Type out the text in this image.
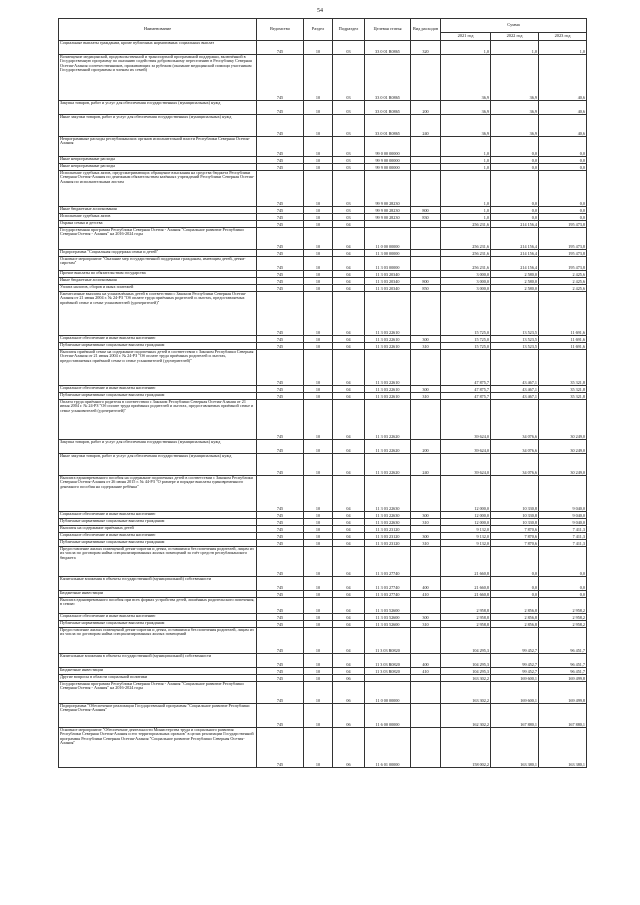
54
Наименование	Ведомство	Раздел	Подраздел	Целевая статья	Вид расходов	Сумма		
						2021 год	2022 год	2023 год
Социальные выплаты гражданам, кроме публичных нормативных социальных выплат	745	10	03	33 0 01 R0865	320	1,0	1,0	1,0
Возмещение медицинской, продовольственной и транспортной программной поддержки, включённой в Государственную программу по оказанию содействия добровольному переселению в Республику Северная Осетия-Алания соотечественников, проживающих за рубежом (оказание медицинской помощи участникам Государственной программы и членам их семей)	745	10	03	33 0 01 R0865		36,9	36,9	40,6
Закупка товаров, работ и услуг для обеспечения государственных (муниципальных) нужд	745	10	03	33 0 01 R0865	200	36,9	36,9	40,6
Иные закупки товаров, работ и услуг для обеспечения государственных (муниципальных) нужд	745	10	03	33 0 01 R0865	240	36,9	36,9	40,6
Непрограммные расходы республиканских органов исполнительной власти Республики Северная Осетия-Алания	745	10	03	99 0 00 00000		1,0	0,0	0,0
Иные непрограммные расходы	745	10	03	99 9 00 00000		1,0	0,0	0,0
Иные непрограммные расходы	745	10	03	99 9 00 00000		1,0	0,0	0,0
Исполнение судебных актов, предусматривающих обращение взыскания на средства бюджета Республики Северная Осетия-Алания по денежным обязательствам казённых учреждений Республики Северная Осетия-Алания по исполнительным листам	745	10	03	99 9 00 28230		1,0	0,0	0,0
Иные бюджетные ассигнования	745	10	03	99 9 00 28230	800	1,0	0,0	0,0
Исполнение судебных актов	745	10	03	99 9 00 28230	830	1,0	0,0	0,0
Охрана семьи и детства	745	10	04			256 231,6	214 156,4	195 473,8
Государственная программа Республики Северная Осетия - Алания "Социальное развитие Республики Северная Осетия - Алания" на 2016-2024 годы	745	10	04	11 0 00 00000		256 231,6	214 156,4	195 473,8
Подпрограмма "Социальная поддержка семьи и детей"	745	10	04	11 3 00 00000		256 231,6	214 156,4	195 473,8
Основное мероприятие "Оказание мер государственной поддержки гражданам, имеющим детей, детям-сиротам"	745	10	04	11 3 03 00000		256 231,6	214 156,4	195 473,8
Прочие выплаты по обязательствам государства	745	10	04	11 3 03 20340		3 000,0	2 580,0	2 425,6
Иные бюджетные ассигнования	745	10	04	11 3 03 20340	800	3 000,0	2 580,0	2 425,6
Уплата налогов, сборов и иных платежей	745	10	04	11 3 03 20340	850	3 000,0	2 580,0	2 425,6
Ежемесячные выплаты на усыновлённых детей в соответствии с Законом Республики Северная Осетия-Алания от 21 июня 2004 г. № 24-РЗ "Об оплате труда приёмных родителей и льготах, предоставляемых приёмной семье и семье усыновителей (удочерителей)"	745	10	04	11 3 03 22610		15 725,0	13 523,5	11 691,6
Социальное обеспечение и иные выплаты населению	745	10	04	11 3 03 22610	300	15 725,0	13 523,5	11 691,6
Публичные нормативные социальные выплаты гражданам	745	10	04	11 3 03 22610	310	15 725,0	13 523,5	11 691,6
Выплаты приёмной семье на содержание подопечных детей в соответствии с Законом Республики Северная Осетия-Алания от 21 июня 2004 г. № 24-РЗ "Об оплате труда приёмных родителей и льготах, предоставляемых приёмной семье и семье усыновителей (удочерителей)"	745	10	04	11 3 03 22610		47 875,7	43 467,1	35 321,8
Социальное обеспечение и иные выплаты населению	745	10	04	11 3 03 22610	300	47 875,7	43 467,1	35 321,8
Публичные нормативные социальные выплаты гражданам	745	10	04	11 3 03 22610	310	47 875,7	43 467,1	35 321,8
Оплата труда приёмного родителя в соответствии с Законом Республики Северная Осетия-Алания от 21 июня 2004 г. № 24-РЗ "Об оплате труда приёмных родителей и льготах, предоставляемых приёмной семье и семье усыновителей (удочерителей)"	745	10	04	11 3 03 22620		39 624,0	34 076,6	30 249,0
Закупка товаров, работ и услуг для обеспечения государственных (муниципальных) нужд	745	10	04	11 3 03 22620	200	39 624,0	34 076,6	30 249,0
Иные закупки товаров, работ и услуг для обеспечения государственных (муниципальных) нужд	745	10	04	11 3 03 22620	240	39 624,0	34 076,6	30 249,0
Выплата единовременного пособия на содержание подопечных детей в соответствии с Законом Республики Северная Осетия-Алания от 26 июня 2015 г. № 44-РЗ "О размере и порядке выплаты единовременного денежного пособия на содержание ребёнка"	745	10	04	11 3 03 22630		12 000,0	10 330,8	9 040,0
Социальное обеспечение и иные выплаты населению	745	10	04	11 3 03 22630	300	12 000,0	10 330,8	9 040,0
Публичные нормативные социальные выплаты гражданам	745	10	04	11 3 03 22630	310	12 000,0	10 330,8	9 040,0
Выплаты на содержание приёмных детей	745	10	04	11 3 03 23120		9 132,0	7 870,6	7 411,3
Социальное обеспечение и иные выплаты населению	745	10	04	11 3 03 23120	300	9 132,0	7 870,6	7 411,3
Публичные нормативные социальные выплаты гражданам	745	10	04	11 3 03 23120	310	9 132,0	7 870,6	7 411,3
Предоставление жилых помещений детям-сиротам и детям, оставшимся без попечения родителей, лицам из их числа по договорам найма специализированных жилых помещений за счёт средств республиканского бюджета	745	10	04	11 3 03 27740		21 660,8	0,0	0,0
Капитальные вложения в объекты государственной (муниципальной) собственности	745	10	04	11 3 03 27740	400	21 660,8	0,0	0,0
Бюджетные инвестиции	745	10	04	11 3 03 27740	410	21 660,8	0,0	0,0
Выплата единовременного пособия при всех формах устройства детей, лишённых родительского попечения, в семью	745	10	04	11 3 03 52600		2 958,8	2 856,8	2 958,2
Социальное обеспечение и иные выплаты населению	745	10	04	11 3 03 52600	300	2 958,8	2 856,8	2 958,2
Публичные нормативные социальные выплаты гражданам	745	10	04	11 3 03 52600	310	2 958,8	2 856,8	2 958,2
Предоставление жилых помещений детям-сиротам и детям, оставшимся без попечения родителей, лицам из их числа по договорам найма специализированных жилых помещений	745	10	04	11 3 03 R0820		104 295,3	99 452,7	96 451,7
Капитальные вложения в объекты государственной (муниципальной) собственности	745	10	04	11 3 03 R0820	400	104 295,3	99 452,7	96 451,7
Бюджетные инвестиции	745	10	04	11 3 03 R0820	410	104 295,3	99 452,7	96 451,7
Другие вопросы в области социальной политики	745	10	06			163 302,2	169 600,1	169 499,8
Государственная программа Республики Северная Осетия - Алания "Социальное развитие Республики Северная Осетия - Алания" на 2016-2024 годы	745	10	06	11 0 00 00000		163 302,2	169 600,1	169 499,8
Подпрограмма "Обеспечение реализации Государственной программы "Социальное развитие Республики Северная Осетия-Алания"	745	10	06	11 6 00 00000		162 302,2	167 880,1	167 880,1
Основное мероприятие "Обеспечение деятельности Министерства труда и социального развития Республики Северная Осетия-Алания и его территориальных органов" в целях реализации Государственной программы Республики Северная Осетия-Алания "Социальное развитие Республики Северная Осетия-Алания"	745	10	06	11 6 01 00000		158 002,2	163 380,1	163 380,1
